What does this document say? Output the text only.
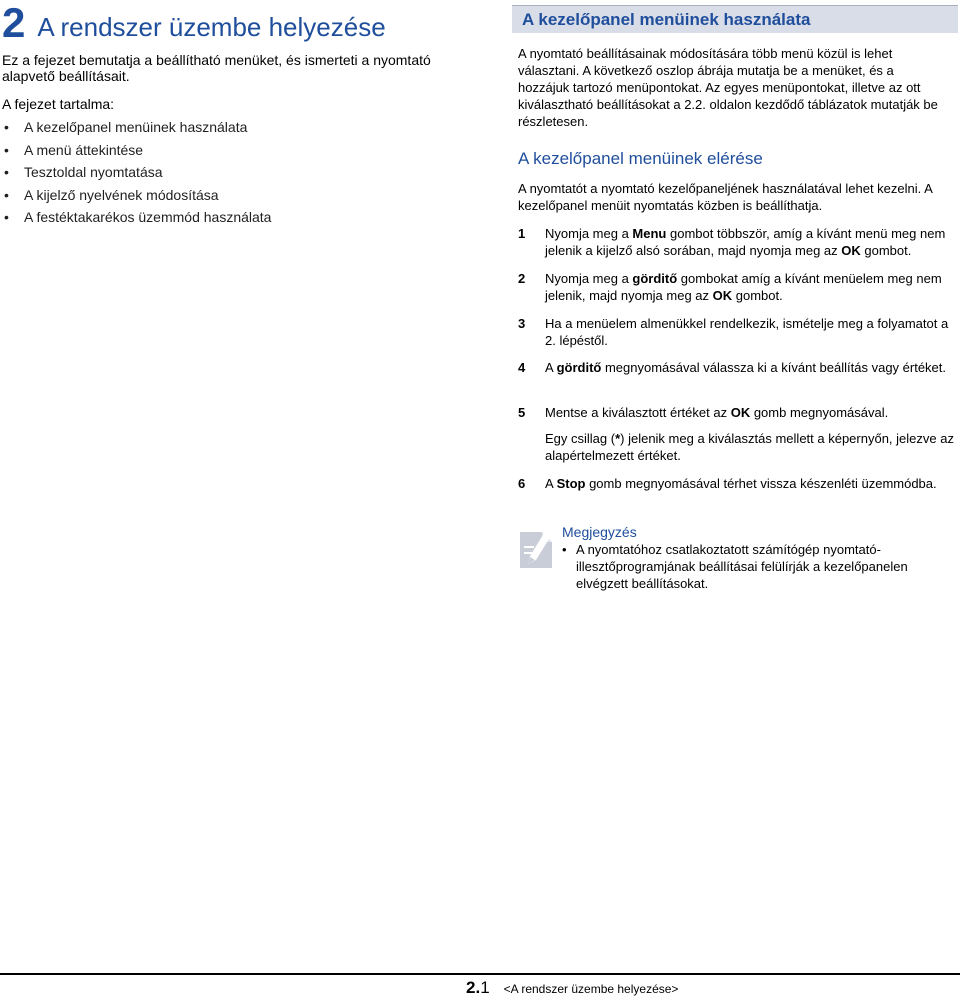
2 A rendszer üzembe helyezése
Ez a fejezet bemutatja a beállítható menüket, és ismerteti a nyomtató alapvető beállításait.
A fejezet tartalma:
• A kezelőpanel menüinek használata
• A menü áttekintése
• Tesztoldal nyomtatása
• A kijelző nyelvének módosítása
• A festéktakarékos üzemmód használata
A kezelőpanel menüinek használata
A nyomtató beállításainak módosítására több menü közül is lehet választani. A következő oszlop ábrája mutatja be a menüket, és a hozzájuk tartozó menüpontokat. Az egyes menüpontokat, illetve az ott kiválasztható beállításokat a 2.2. oldalon kezdődő táblázatok mutatják be részletesen.
A kezelőpanel menüinek elérése
A nyomtatót a nyomtató kezelőpaneljének használatával lehet kezelni. A kezelőpanel menüit nyomtatás közben is beállíthatja.
1	Nyomja meg a Menu gombot többször, amíg a kívánt menü meg nem jelenik a kijelző alsó sorában, majd nyomja meg az OK gombot.
2	Nyomja meg a görditő gombokat amíg a kívánt menüelem meg nem jelenik, majd nyomja meg az OK gombot.
3	Ha a menüelem almenükkel rendelkezik, ismételje meg a folyamatot a 2. lépéstől.
4	A görditő megnyomásával válassza ki a kívánt beállítás vagy értéket.
5	Mentse a kiválasztott értéket az OK gomb megnyomásával.
Egy csillag (*) jelenik meg a kiválasztás mellett a képernyőn, jelezve az alapértelmezett értéket.
6	A Stop gomb megnyomásával térhet vissza készenléti üzemmódba.
Megjegyzés
• A nyomtatóhoz csatlakoztatott számítógép nyomtató-illesztőprogramjának beállításai felülírják a kezelőpanelen elvégzett beállításokat.
2. 1 <A rendszer üzembe helyezése>
